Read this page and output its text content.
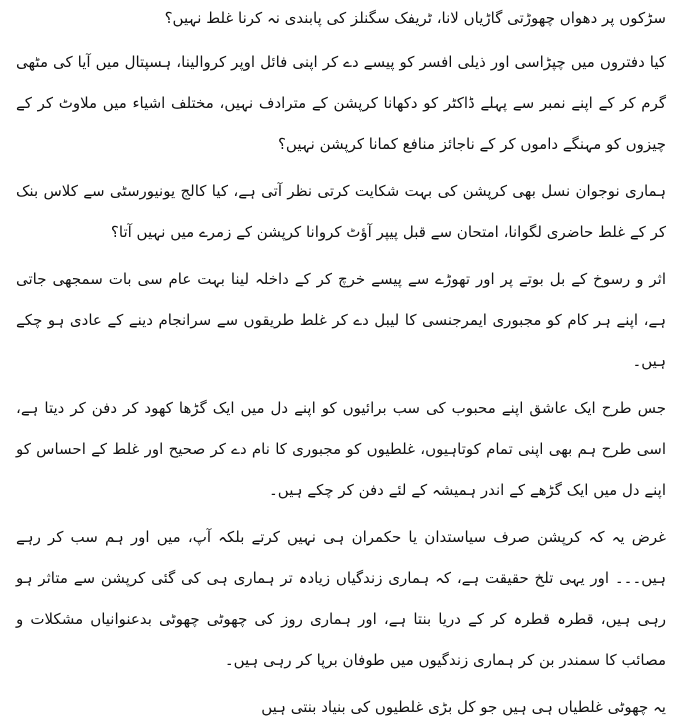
سڑکوں پر دھواں چھوڑتی گاڑیاں لانا، ٹریفک سگنلز کی پابندی نہ کرنا غلط نہیں؟

کیا دفتروں میں چپڑاسی اور ذیلی افسر کو پیسے دے کر اپنی فائل اوپر کروالینا، ہسپتال میں آیا کی مٹھی گرم کر کے اپنے نمبر سے پہلے ڈاکٹر کو دکھانا کرپشن کے مترادف نہیں، مختلف اشیاء میں ملاوٹ کر کے چیزوں کو مہنگے داموں کر کے ناجائز منافع کمانا کرپشن نہیں؟

ہماری نوجوان نسل بھی کرپشن کی بہت شکایت کرتی نظر آتی ہے، کیا کالج یونیورسٹی سے کلاس بنک کر کے غلط حاضری لگوانا، امتحان سے قبل پیپر آؤٹ کروانا کرپشن کے زمرے میں نہیں آتا؟

اثر و رسوخ کے بل بوتے پر اور تھوڑے سے پیسے خرچ کر کے داخلہ لینا بہت عام سی بات سمجھی جاتی ہے، اپنے ہر کام کو مجبوری ایمرجنسی کا لیبل دے کر غلط طریقوں سے سرانجام دینے کے عادی ہو چکے ہیں۔

جس طرح ایک عاشق اپنے محبوب کی سب برائیوں کو اپنے دل میں ایک گڑھا کھود کر دفن کر دیتا ہے، اسی طرح ہم بھی اپنی تمام کوتاہیوں، غلطیوں کو مجبوری کا نام دے کر صحیح اور غلط کے احساس کو اپنے دل میں ایک گڑھے کے اندر ہمیشہ کے لئے دفن کر چکے ہیں۔

غرض یہ کہ کرپشن صرف سیاستدان یا حکمران ہی نہیں کرتے بلکہ آپ، میں اور ہم سب کر رہے ہیں۔۔۔ اور یہی تلخ حقیقت ہے، کہ ہماری زندگیاں زیادہ تر ہماری ہی کی گئی کرپشن سے متاثر ہو رہی ہیں، قطرہ قطرہ کر کے دریا بنتا ہے، اور ہماری روز کی چھوٹی چھوٹی بدعنوانیاں مشکلات و مصائب کا سمندر بن کر ہماری زندگیوں میں طوفان برپا کر رہی ہیں۔

یہ چھوٹی غلطیاں ہی ہیں جو کل بڑی غلطیوں کی بنیاد بنتی ہیں
